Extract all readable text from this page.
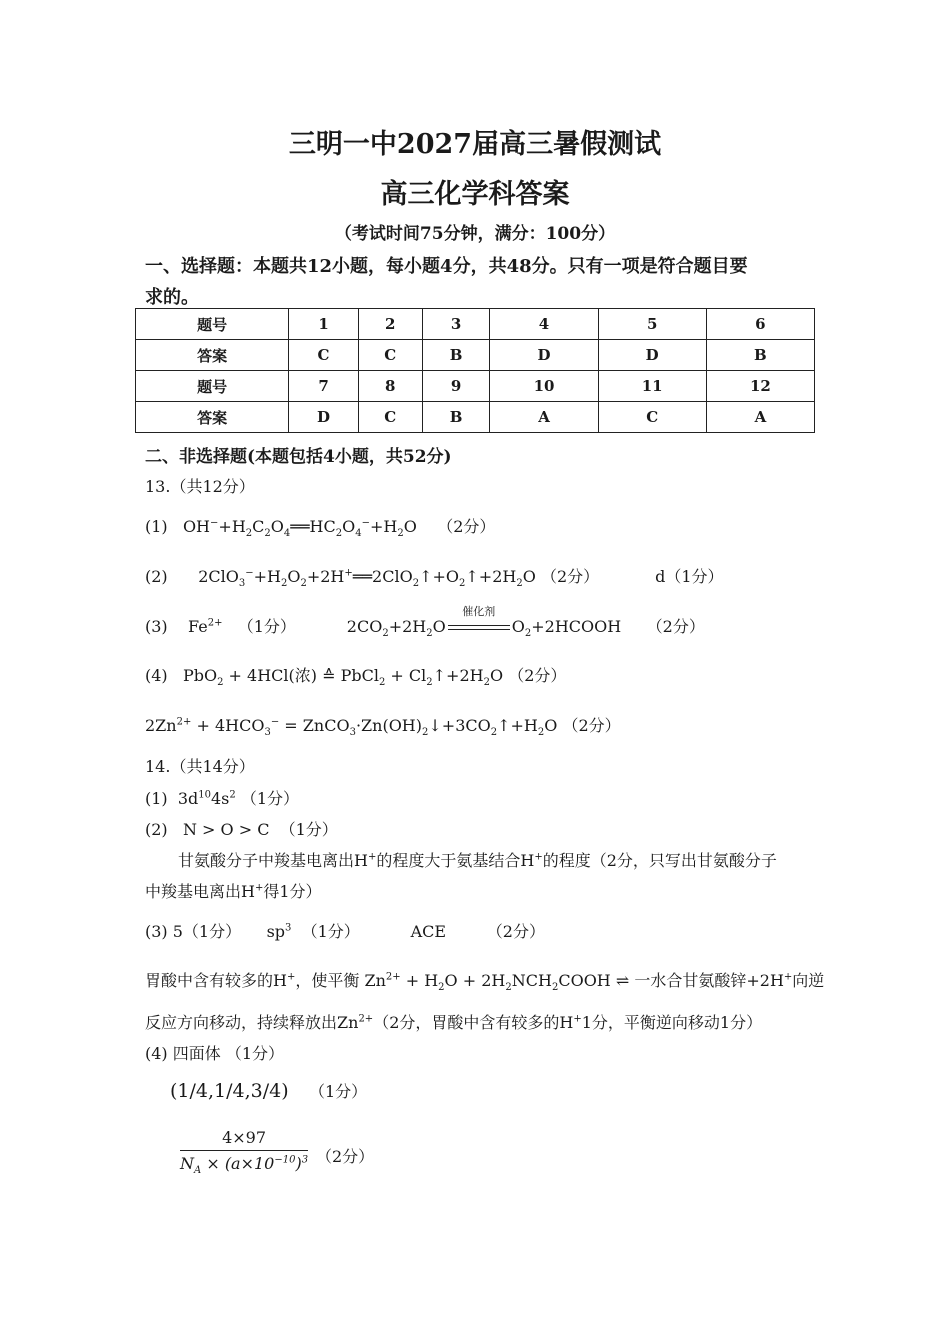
三明一中2027届高三暑假测试
高三化学科答案
（考试时间75分钟，满分：100分）
一、选择题：本题共12小题，每小题4分，共48分。只有一项是符合题目要
求的。
题号	1	2	3	4	5	6
答案	C	C	B	D	D	B
题号	7	8	9	10	11	12
答案	D	C	B	A	C	A
二、非选择题(本题包括4小题，共52分)
13.（共12分）
(1) $OH^-+H_2C_2O_4══HC_2O_4^-+H_2O$ （2分）
(2) $2ClO_3^-+H_2O_2+2H^+══2ClO_2↑+O_2↑+2H_2O$ （2分）	d（1分）
(3) $Fe^{2+}$ （1分）	$2CO_2+2H_2O$
催化剂
$O_2+2HCOOH$ （2分）
(4) PbO$_2$ + 4HCl(浓) ≙ PbCl$_2$ + $Cl_2↑+2H_2O$ （2分）
$2Zn^{2+} + 4HCO_3^-$ = $ZnCO_3\cdot Zn(OH)_2↓+3CO_2↑+H_2O$ （2分）
14.（共14分）
(1) $3d^{10}4s^2$ （1分）
(2) N > O > C （1分）
甘氨酸分子中羧基电离出H+的程度大于氨基结合H+的程度（2分，只写出甘氨酸分子
中羧基电离出H+得1分）
(3) 5（1分） $sp^3$ （1分）	ACE	（2分）
胃酸中含有较多的H+，使平衡 $Zn^{2+} + H_2O$ + $2H_2NCH_2COOH$ ⇌ 一水合甘氨酸锌+2H+向逆
反应方向移动，持续释放出$Zn^{2+}(2$分，胃酸中含有较多的H+1分，平衡逆向移动1分）
(4) 四面体 （1分）
(1/4,1/4,3/4) （1分）
$\frac{4\times 97}{N_A \times (a\times 10^{-10})^3} (2$分）
